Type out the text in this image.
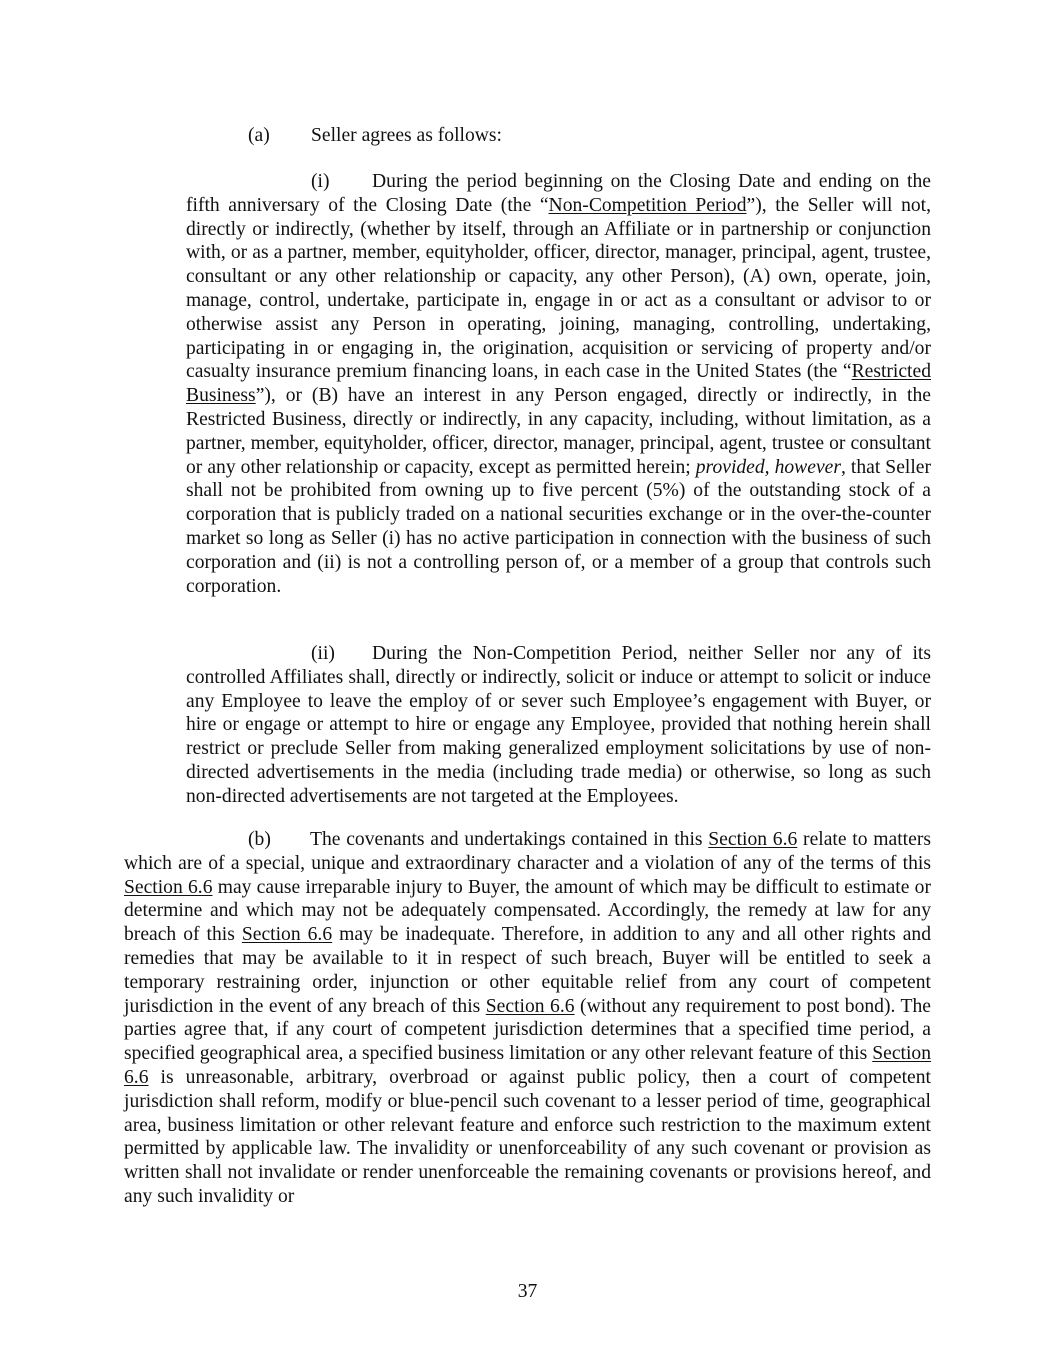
(a) Seller agrees as follows:

(i) During the period beginning on the Closing Date and ending on the fifth anniversary of the Closing Date (the “Non-Competition Period”), the Seller will not, directly or indirectly, (whether by itself, through an Affiliate or in partnership or conjunction with, or as a partner, member, equityholder, officer, director, manager, principal, agent, trustee, consultant or any other relationship or capacity, any other Person), (A) own, operate, join, manage, control, undertake, participate in, engage in or act as a consultant or advisor to or otherwise assist any Person in operating, joining, managing, controlling, undertaking, participating in or engaging in, the origination, acquisition or servicing of property and/or casualty insurance premium financing loans, in each case in the United States (the “Restricted Business”), or (B) have an interest in any Person engaged, directly or indirectly, in the Restricted Business, directly or indirectly, in any capacity, including, without limitation, as a partner, member, equityholder, officer, director, manager, principal, agent, trustee or consultant or any other relationship or capacity, except as permitted herein; provided, however, that Seller shall not be prohibited from owning up to five percent (5%) of the outstanding stock of a corporation that is publicly traded on a national securities exchange or in the over-the-counter market so long as Seller (i) has no active participation in connection with the business of such corporation and (ii) is not a controlling person of, or a member of a group that controls such corporation.

(ii) During the Non-Competition Period, neither Seller nor any of its controlled Affiliates shall, directly or indirectly, solicit or induce or attempt to solicit or induce any Employee to leave the employ of or sever such Employee’s engagement with Buyer, or hire or engage or attempt to hire or engage any Employee, provided that nothing herein shall restrict or preclude Seller from making generalized employment solicitations by use of non-directed advertisements in the media (including trade media) or otherwise, so long as such non-directed advertisements are not targeted at the Employees.

(b) The covenants and undertakings contained in this Section 6.6 relate to matters which are of a special, unique and extraordinary character and a violation of any of the terms of this Section 6.6 may cause irreparable injury to Buyer, the amount of which may be difficult to estimate or determine and which may not be adequately compensated. Accordingly, the remedy at law for any breach of this Section 6.6 may be inadequate. Therefore, in addition to any and all other rights and remedies that may be available to it in respect of such breach, Buyer will be entitled to seek a temporary restraining order, injunction or other equitable relief from any court of competent jurisdiction in the event of any breach of this Section 6.6 (without any requirement to post bond). The parties agree that, if any court of competent jurisdiction determines that a specified time period, a specified geographical area, a specified business limitation or any other relevant feature of this Section 6.6 is unreasonable, arbitrary, overbroad or against public policy, then a court of competent jurisdiction shall reform, modify or blue-pencil such covenant to a lesser period of time, geographical area, business limitation or other relevant feature and enforce such restriction to the maximum extent permitted by applicable law. The invalidity or unenforceability of any such covenant or provision as written shall not invalidate or render unenforceable the remaining covenants or provisions hereof, and any such invalidity or

37
